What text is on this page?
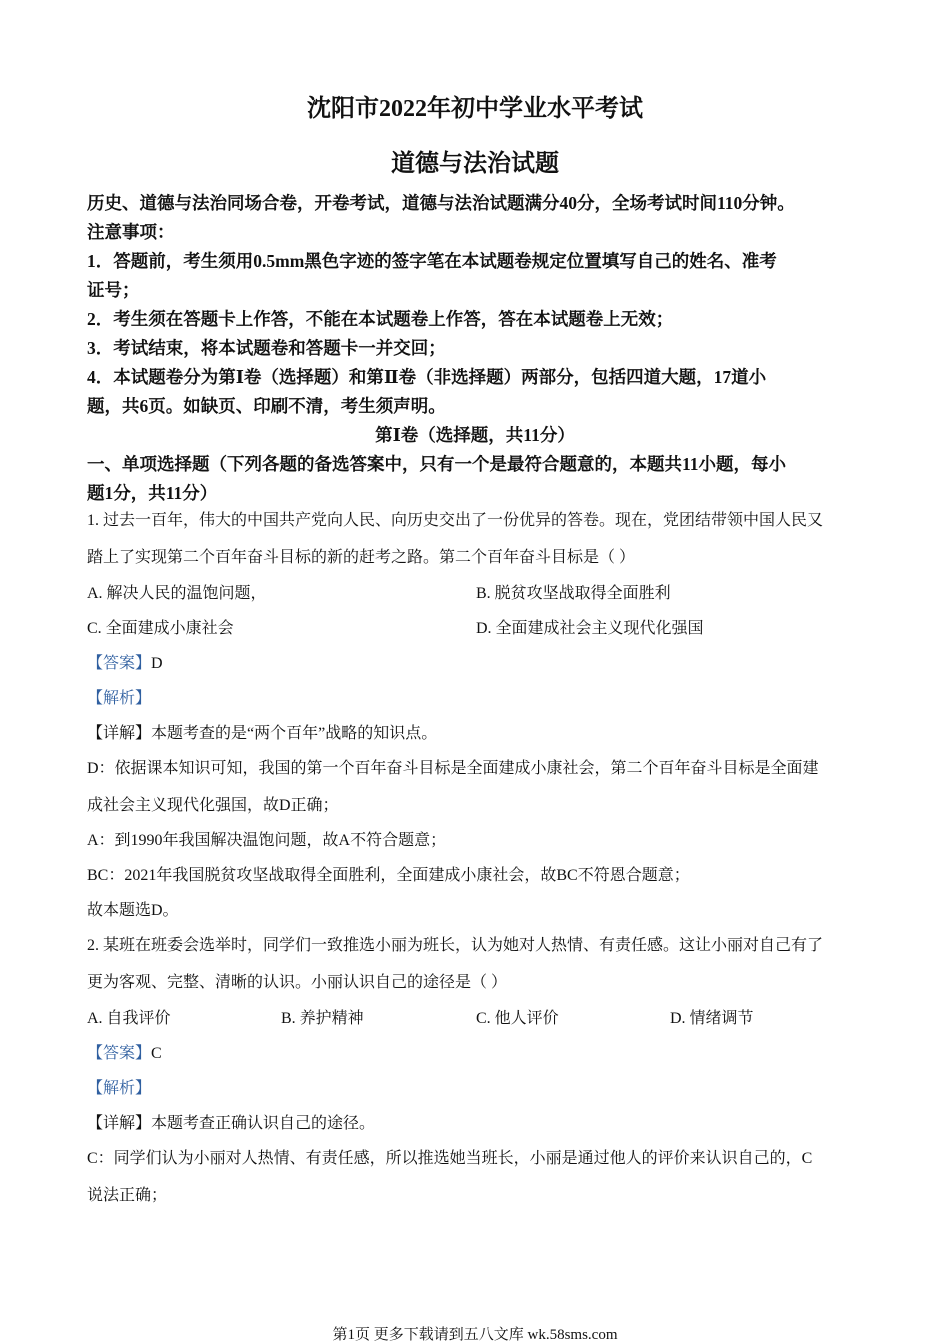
沈阳市2022年初中学业水平考试
道德与法治试题
历史、道德与法治同场合卷，开卷考试，道德与法治试题满分40分，全场考试时间110分钟。
注意事项：
1．答题前，考生须用0.5mm黑色字迹的签字笔在本试题卷规定位置填写自己的姓名、准考
证号；
2．考生须在答题卡上作答，不能在本试题卷上作答，答在本试题卷上无效；
3．考试结束，将本试题卷和答题卡一并交回；
4．本试题卷分为第Ⅰ卷（选择题）和第Ⅱ卷（非选择题）两部分，包括四道大题，17道小
题，共6页。如缺页、印刷不清，考生须声明。
第Ⅰ卷（选择题，共11分）
一、单项选择题（下列各题的备选答案中，只有一个是最符合题意的，本题共11小题，每小
题1分，共11分）
1. 过去一百年，伟大的中国共产党向人民、向历史交出了一份优异的答卷。现在，党团结带领中国人民又
踏上了实现第二个百年奋斗目标的新的赶考之路。第二个百年奋斗目标是（ ）
A. 解决人民的温饱问题，	B. 脱贫攻坚战取得全面胜利
C. 全面建成小康社会	D. 全面建成社会主义现代化强国
【答案】D
【解析】
【详解】本题考查的是“两个百年”战略的知识点。
D：依据课本知识可知，我国的第一个百年奋斗目标是全面建成小康社会，第二个百年奋斗目标是全面建
成社会主义现代化强国，故D正确；
A：到1990年我国解决温饱问题，故A不符合题意；
BC：2021年我国脱贫攻坚战取得全面胜利，全面建成小康社会，故BC不符恩合题意；
故本题选D。
2. 某班在班委会选举时，同学们一致推选小丽为班长，认为她对人热情、有责任感。这让小丽对自己有了
更为客观、完整、清晰的认识。小丽认识自己的途径是（ ）
A. 自我评价	B. 养护精神	C. 他人评价	D. 情绪调节
【答案】C
【解析】
【详解】本题考查正确认识自己的途径。
C：同学们认为小丽对人热情、有责任感，所以推选她当班长，小丽是通过他人的评价来认识自己的，C
说法正确；
第1页 更多下载请到五八文库 wk.58sms.com
